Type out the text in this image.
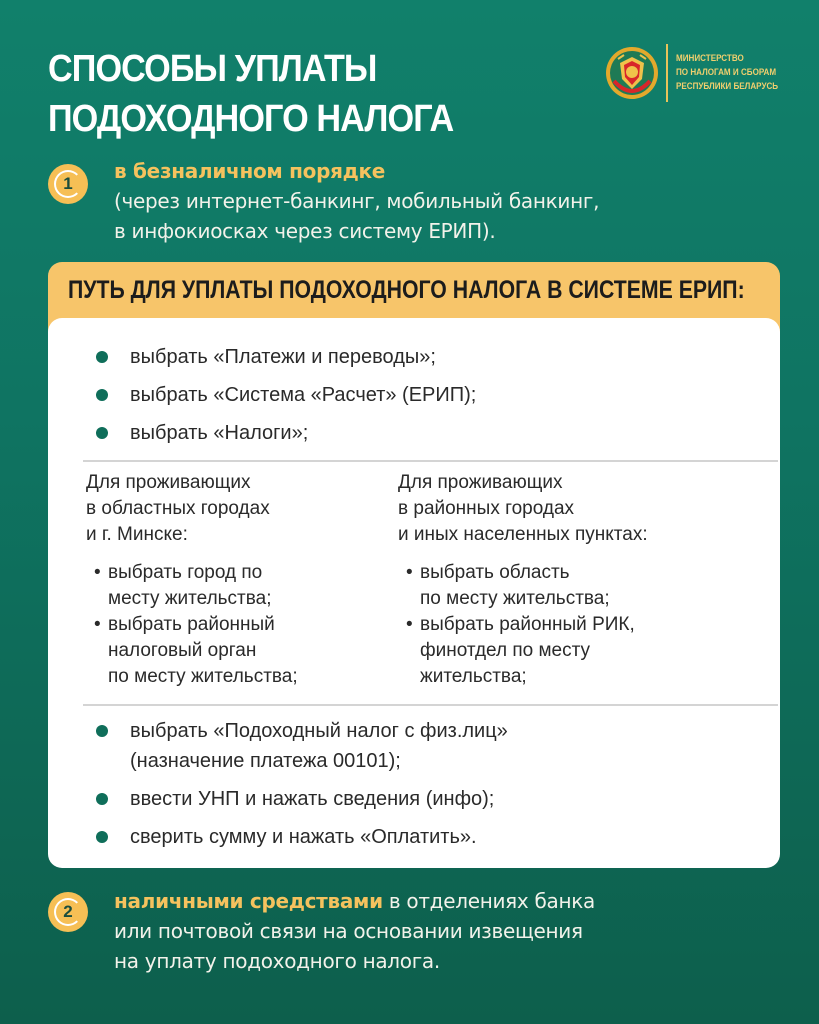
СПОСОБЫ УПЛАТЫ
ПОДОХОДНОГО НАЛОГА
МИНИСТЕРСТВО
ПО НАЛОГАМ И СБОРАМ
РЕСПУБЛИКИ БЕЛАРУСЬ
1
в безналичном порядке
(через интернет-банкинг, мобильный банкинг,
в инфокиосках через систему ЕРИП).
ПУТЬ ДЛЯ УПЛАТЫ ПОДОХОДНОГО НАЛОГА В СИСТЕМЕ ЕРИП:
выбрать «Платежи и переводы»;
выбрать «Система «Расчет» (ЕРИП);
выбрать «Налоги»;
Для проживающих
в областных городах
и г. Минске:
• выбрать город по
месту жительства;
• выбрать районный
налоговый орган
по месту жительства;
Для проживающих
в районных городах
и иных населенных пунктах:
• выбрать область
по месту жительства;
• выбрать районный РИК,
финотдел по месту
жительства;
выбрать «Подоходный налог с физ.лиц»
(назначение платежа 00101);
ввести УНП и нажать сведения (инфо);
сверить сумму и нажать «Оплатить».
2 наличными средствами в отделениях банка
или почтовой связи на основании извещения
на уплату подоходного налога.
